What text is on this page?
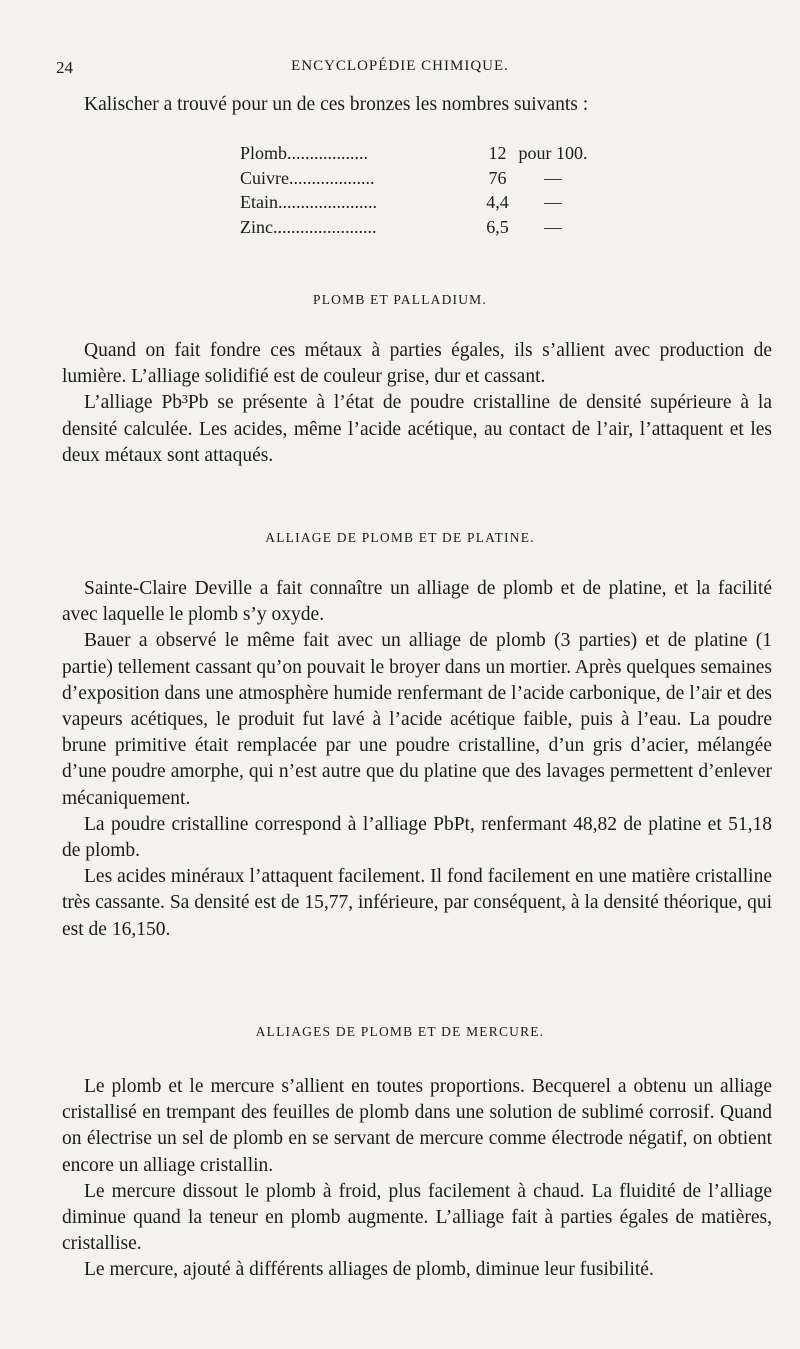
24	ENCYCLOPÉDIE CHIMIQUE.

Kalischer a trouvé pour un de ces bronzes les nombres suivants :

Plomb..................	12 pour 100.
Cuivre...................	76	—
Etain......................	4,4	—
Zinc.......................	6,5	—
PLOMB ET PALLADIUM.

Quand on fait fondre ces métaux à parties égales, ils s’allient avec production de lumière. L’alliage solidifié est de couleur grise, dur et cassant.

L’alliage Pb³Pb se présente à l’état de poudre cristalline de densité supérieure à la densité calculée. Les acides, même l’acide acétique, au contact de l’air, l’attaquent et les deux métaux sont attaqués.

ALLIAGE DE PLOMB ET DE PLATINE.

Sainte-Claire Deville a fait connaître un alliage de plomb et de platine, et la facilité avec laquelle le plomb s’y oxyde.

Bauer a observé le même fait avec un alliage de plomb (3 parties) et de platine (1 partie) tellement cassant qu’on pouvait le broyer dans un mortier. Après quelques semaines d’exposition dans une atmosphère humide renfermant de l’acide carbonique, de l’air et des vapeurs acétiques, le produit fut lavé à l’acide acétique faible, puis à l’eau. La poudre brune primitive était remplacée par une poudre cristalline, d’un gris d’acier, mélangée d’une poudre amorphe, qui n’est autre que du platine que des lavages permettent d’enlever mécaniquement.

La poudre cristalline correspond à l’alliage PbPt, renfermant 48,82 de platine et 51,18 de plomb.

Les acides minéraux l’attaquent facilement. Il fond facilement en une matière cristalline très cassante. Sa densité est de 15,77, inférieure, par conséquent, à la densité théorique, qui est de 16,150.

ALLIAGES DE PLOMB ET DE MERCURE.

Le plomb et le mercure s’allient en toutes proportions. Becquerel a obtenu un alliage cristallisé en trempant des feuilles de plomb dans une solution de sublimé corrosif. Quand on électrise un sel de plomb en se servant de mercure comme électrode négatif, on obtient encore un alliage cristallin.

Le mercure dissout le plomb à froid, plus facilement à chaud. La fluidité de l’alliage diminue quand la teneur en plomb augmente. L’alliage fait à parties égales de matières, cristallise.

Le mercure, ajouté à différents alliages de plomb, diminue leur fusibilité.
